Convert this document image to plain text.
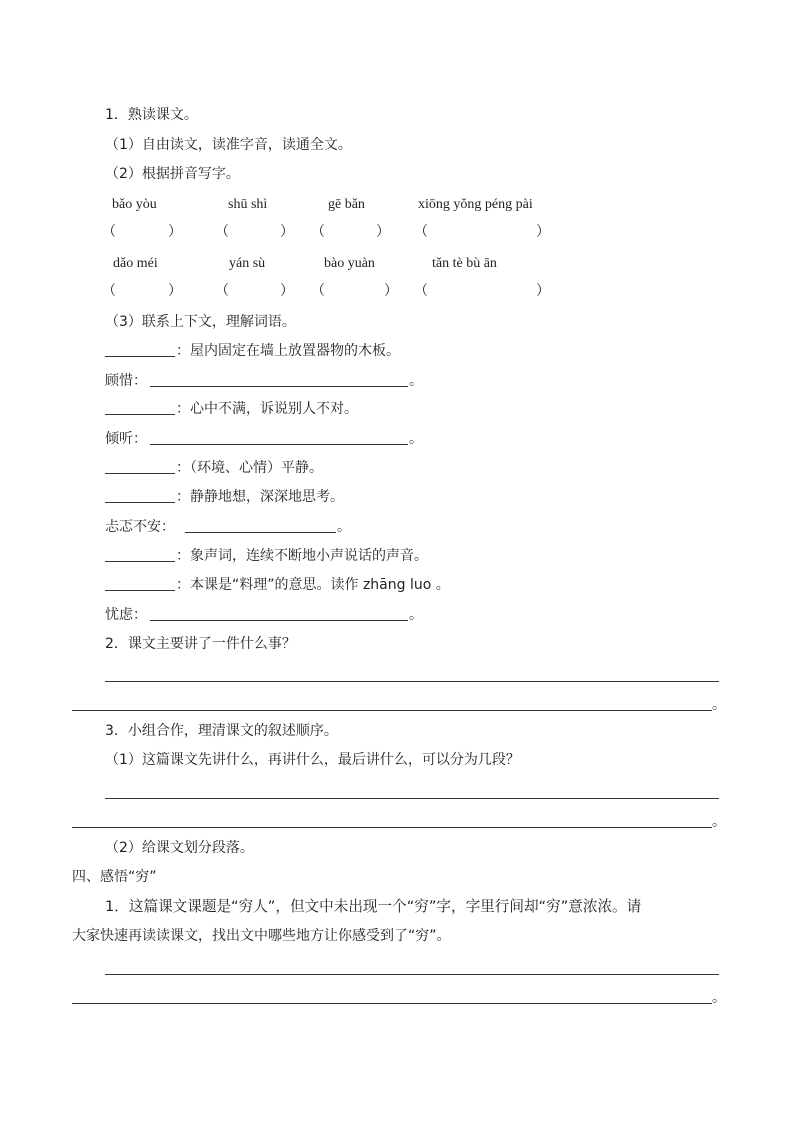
1．熟读课文。
（1）自由读文，读准字音，读通全文。
（2）根据拼音写字。
bǎo yòu	shū shì	gē bǎn	xiōng yǒng péng pài
（	） （	） （	） （	）
dǎo méi	yán sù	bào yuàn	tǎn tè bù ān
（	） （	） （	） （	）
（3）联系上下文，理解词语。
：屋内固定在墙上放置器物的木板。
顾惜：	。
：心中不满，诉说别人不对。
倾听：	。
：（环境、心情）平静。
：静静地想，深深地思考。
忐忑不安：	。
：象声词，连续不断地小声说话的声音。
：本课是“料理”的意思。读作 zhāng luo 。
忧虑：	。
2．课文主要讲了一件什么事？
。
3．小组合作，理清课文的叙述顺序。
（1）这篇课文先讲什么，再讲什么，最后讲什么，可以分为几段？
。
（2）给课文划分段落。
四、感悟“穷”
1．这篇课文课题是“穷人”，但文中未出现一个“穷”字，字里行间却“穷”意浓浓。请
大家快速再读读课文，找出文中哪些地方让你感受到了“穷”。
。
